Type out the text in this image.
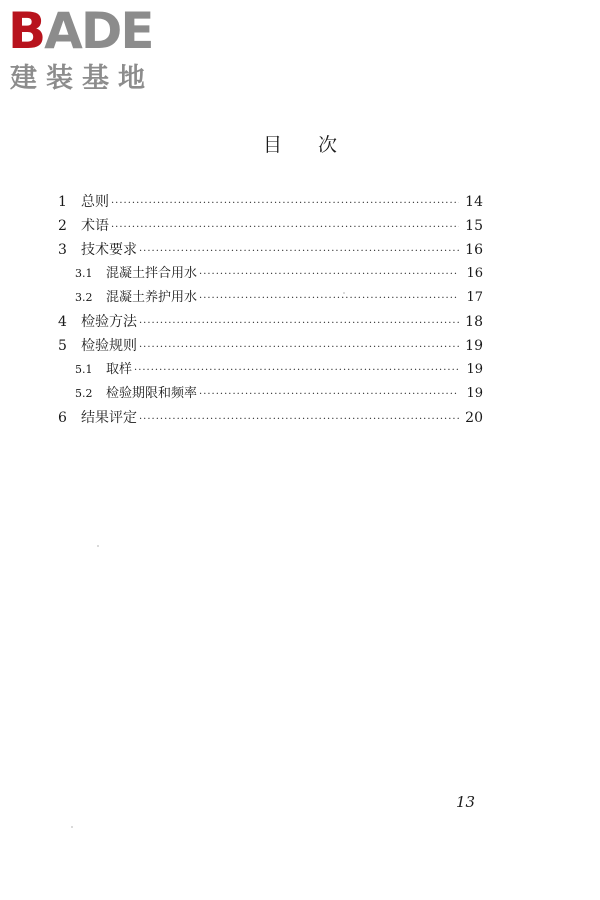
BADE
建装基地
目次
1	总则 ·····	14
2	术语 ·····	15
3	技术要求 ·····	16
3.1	混凝土拌合用水 ·····	16
3.2	混凝土养护用水 ·····	17
4	检验方法 ·····	18
5	检验规则 ·····	19
5.1	取样 ·····	19
5.2	检验期限和频率 ·····	19
6	结果评定 ·····	20
13
